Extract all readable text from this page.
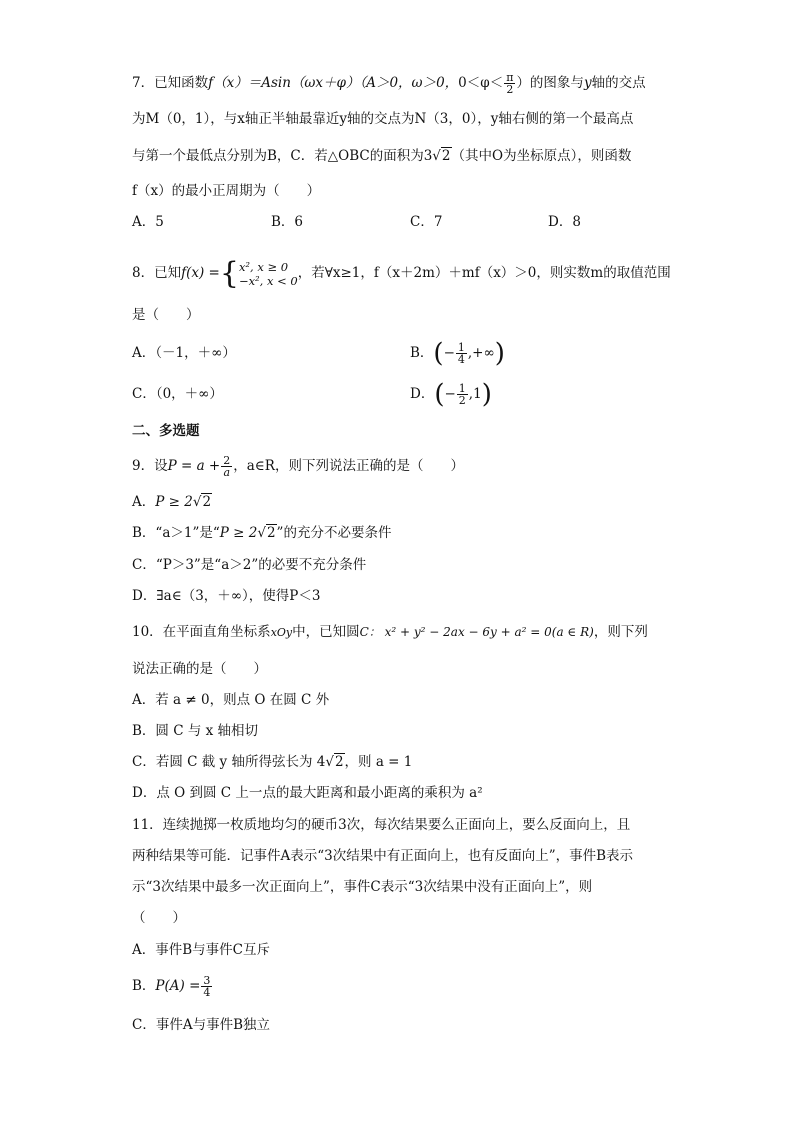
7．已知函数f（x）＝Asin（ωx＋φ）（A＞0，ω＞0，$0<\varphi< \frac{\pi}{2}$ ）的图象与y轴的交点
为M（0，1），与x轴正半轴最靠近y轴的交点为N（3，0），y轴右侧的第一个最高点
与第一个最低点分别为B，C．若△OBC的面积为3√2（其中O为坐标原点），则函数
f（x）的最小正周期为（　　）
A．5	B．6	C．7	D．8
8．已知f(x) ={ x², x ≥ 0
−x², x < 0 ，若∀x≥1，f（x＋2m）＋mf（x）＞0，则实数m的取值范围
是（　　）
A．（－1，＋∞）	B．(− $\frac{1}{4}$ ,+∞)
C．（0，＋∞）	D．(− $\frac{1}{2} ,1$)
二、多选题
9．设$P = a + \frac{2}{a}$ ，a∈R，则下列说法正确的是（　　）
A．P ≥ 2√2
B．“a＞1”是“P ≥ 2√2”的充分不必要条件
C．“P＞3”是“a＞2”的必要不充分条件
D．∃a∈（3，＋∞），使得P＜3
10．在平面直角坐标系xOy中，已知圆C： x² + y² − 2ax − 6y + a² = 0(a ∈ R)，则下列
说法正确的是（　　）
A．若 a ≠ 0，则点 O 在圆 C 外
B．圆 C 与 x 轴相切
C．若圆 C 截 y 轴所得弦长为 4√2，则 a = 1
D．点 O 到圆 C 上一点的最大距离和最小距离的乘积为 a²
11．连续抛掷一枚质地均匀的硬币3次，每次结果要么正面向上，要么反面向上，且
两种结果等可能．记事件A表示“3次结果中有正面向上，也有反面向上”，事件B表示
示“3次结果中最多一次正面向上”，事件C表示“3次结果中没有正面向上”，则
（　　）
A．事件B与事件C互斥
B．$P(A) = \frac{3}{4}$
C．事件A与事件B独立
